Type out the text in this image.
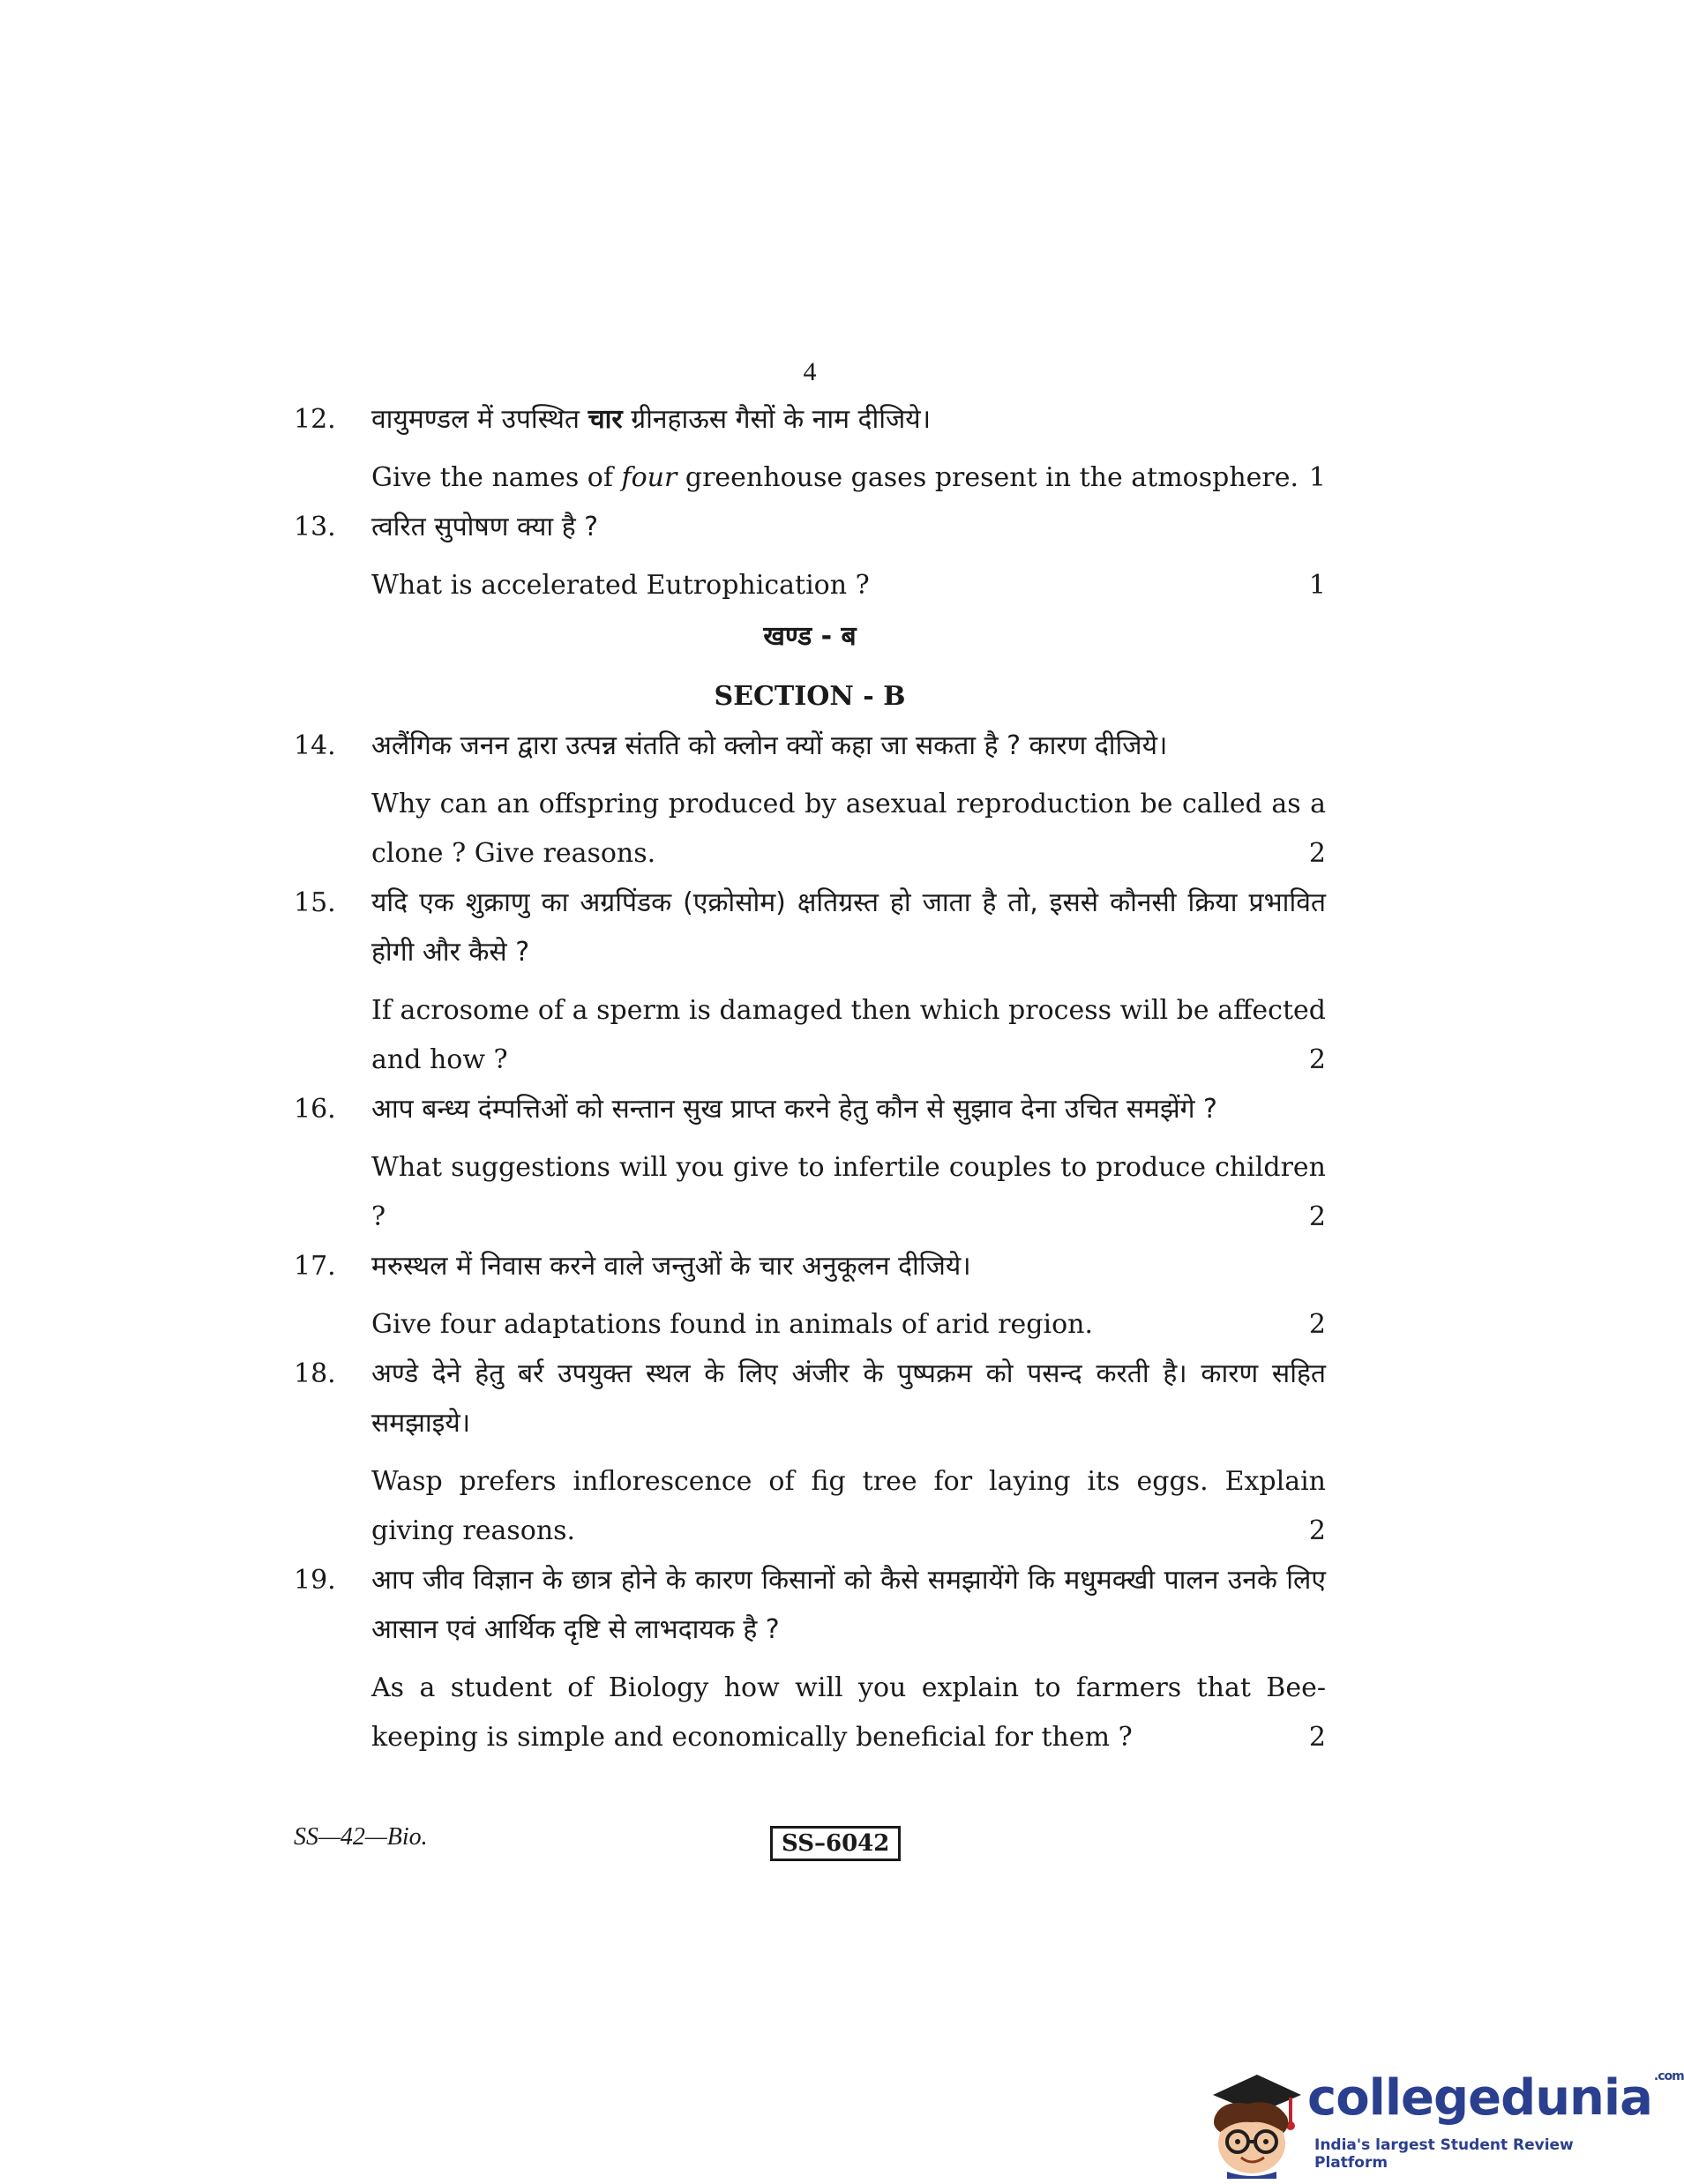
4
12. वायुमण्डल में उपस्थित चार ग्रीनहाऊस गैसों के नाम दीजिये।
Give the names of four greenhouse gases present in the atmosphere. 1
13. त्वरित सुपोषण क्या है ?
What is accelerated Eutrophication ?	1
खण्ड - ब
SECTION - B
14. अलैंगिक जनन द्वारा उत्पन्न संतति को क्लोन क्यों कहा जा सकता है ? कारण दीजिये।
Why can an offspring produced by asexual reproduction be called as a clone ? Give reasons.	2
15. यदि एक शुक्राणु का अग्रपिंडक (एक्रोसोम) क्षतिग्रस्त हो जाता है तो, इससे कौनसी क्रिया प्रभावित होगी और कैसे ?
If acrosome of a sperm is damaged then which process will be affected and how ?	2
16. आप बन्ध्य दंम्पत्तिओं को सन्तान सुख प्राप्त करने हेतु कौन से सुझाव देना उचित समझेंगे ?
What suggestions will you give to infertile couples to produce children ?	2
17. मरुस्थल में निवास करने वाले जन्तुओं के चार अनुकूलन दीजिये।
Give four adaptations found in animals of arid region.	2
18. अण्डे देने हेतु बर्र उपयुक्त स्थल के लिए अंजीर के पुष्पक्रम को पसन्द करती है। कारण सहित समझाइये।
Wasp prefers inflorescence of fig tree for laying its eggs. Explain giving reasons.	2
19. आप जीव विज्ञान के छात्र होने के कारण किसानों को कैसे समझायेंगे कि मधुमक्खी पालन उनके लिए आसान एवं आर्थिक दृष्टि से लाभदायक है ?
As a student of Biology how will you explain to farmers that Bee-keeping is simple and economically beneficial for them ?	2
SS—42—Bio.	SS–6042
collegedunia $^{.com}$
India's largest Student Review Platform
